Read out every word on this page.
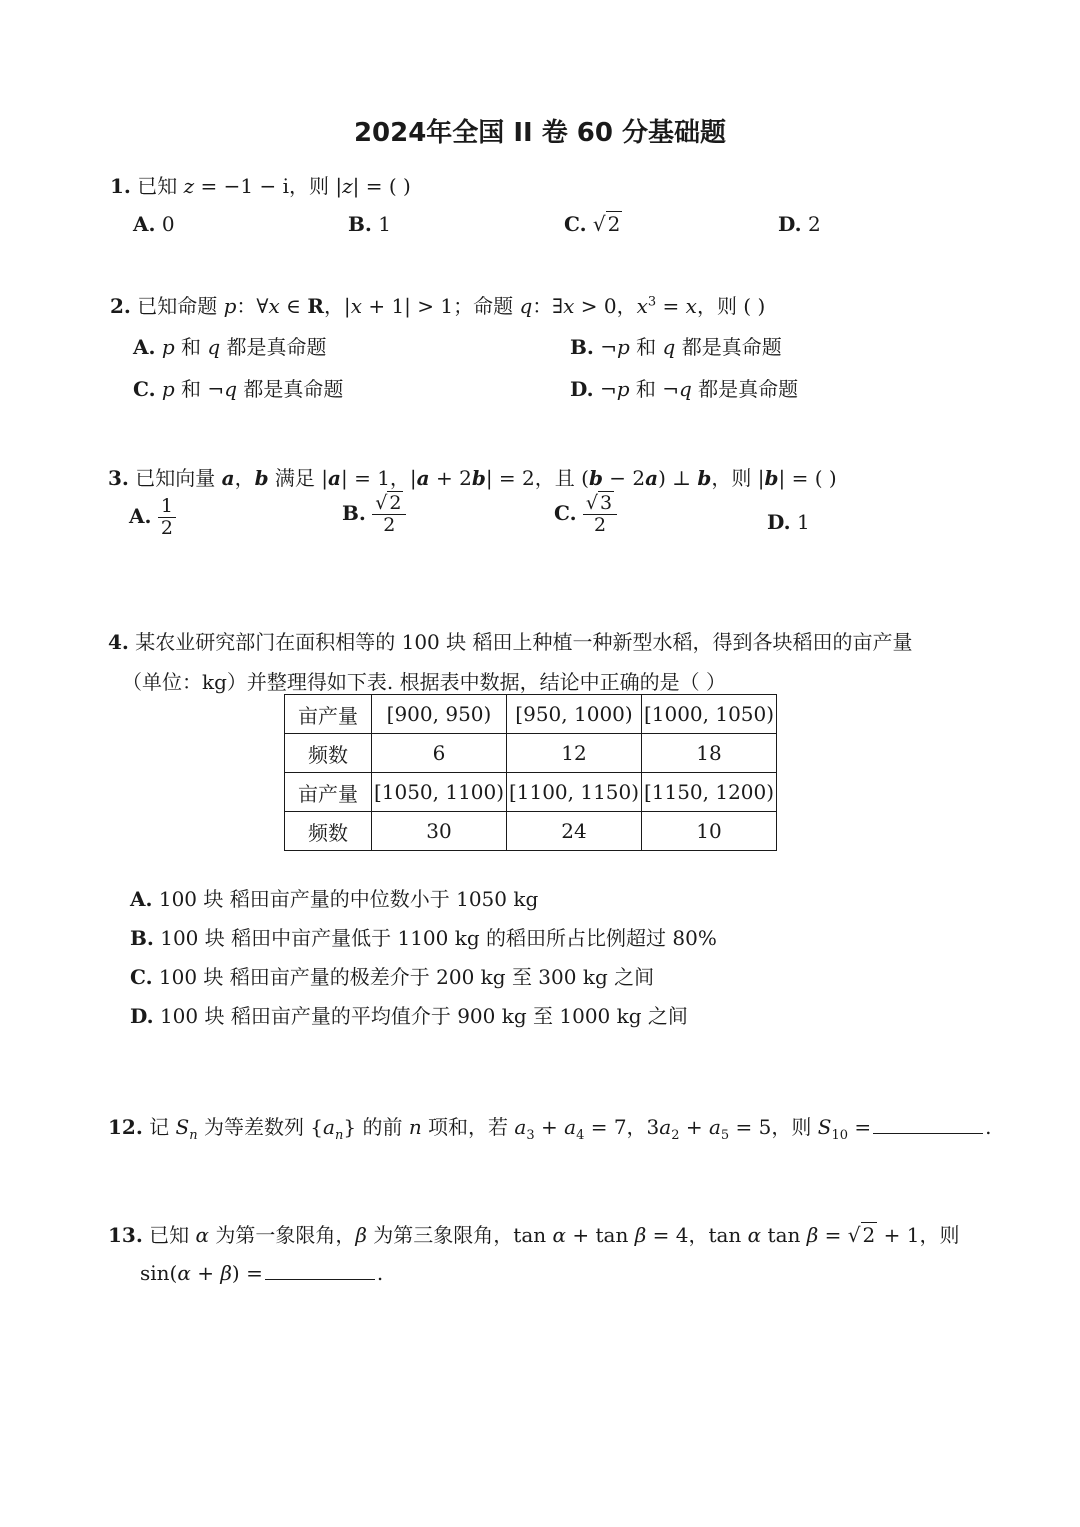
2024年全国 II 卷 60 分基础题
1. 已知 z = −1 − i，则 |z| = ( )
A. 0	B. 1	C. √ 2	D. 2
2. 已知命题 p：∀x ∈ R，|x + 1| > 1；命题 q：∃x > 0，$x^3 = x$，则 ( )
A. p 和 q 都是真命题	B. ¬p 和 q 都是真命题
C. p 和 ¬q 都是真命题	D. ¬p 和 ¬q 都是真命题
3. 已知向量 a，b 满足 |a| = 1，|a + 2b| = 2，且 (b − 2a) ⊥ b，则 |b| = ( )
A. $\frac{1}{2}$	B. $\frac{√ 2}{2}$	C. $\frac{√ 3}{2}$	D. 1
4. 某农业研究部门在面积相等的 100 块 稻田上种植一种新型水稻，得到各块稻田的亩产量
（单位：kg）并整理得如下表. 根据表中数据，结论中正确的是（ ）
亩产量	[900, 950)	[950, 1000)	[1000, 1050)
频数	6	12	18
亩产量	[1050, 1100)	[1100, 1150)	[1150, 1200)
频数	30	24	10
A. 100 块 稻田亩产量的中位数小于 1050 kg
B. 100 块 稻田中亩产量低于 1100 kg 的稻田所占比例超过 80%
C. 100 块 稻田亩产量的极差介于 200 kg 至 300 kg 之间
D. 100 块 稻田亩产量的平均值介于 900 kg 至 1000 kg 之间
12. 记 $S_n$ 为等差数列 $\{a_n\}$ 的前 n 项和，若 $a_3 + a_4 = 7$，$3a_2 + a_5 = 5$，则 $S_{10}$ =	.
13. 已知 α 为第一象限角，β 为第三象限角，tan α + tan β = 4，tan α tan β = √ 2 + 1，则
sin(α + β) =	.
